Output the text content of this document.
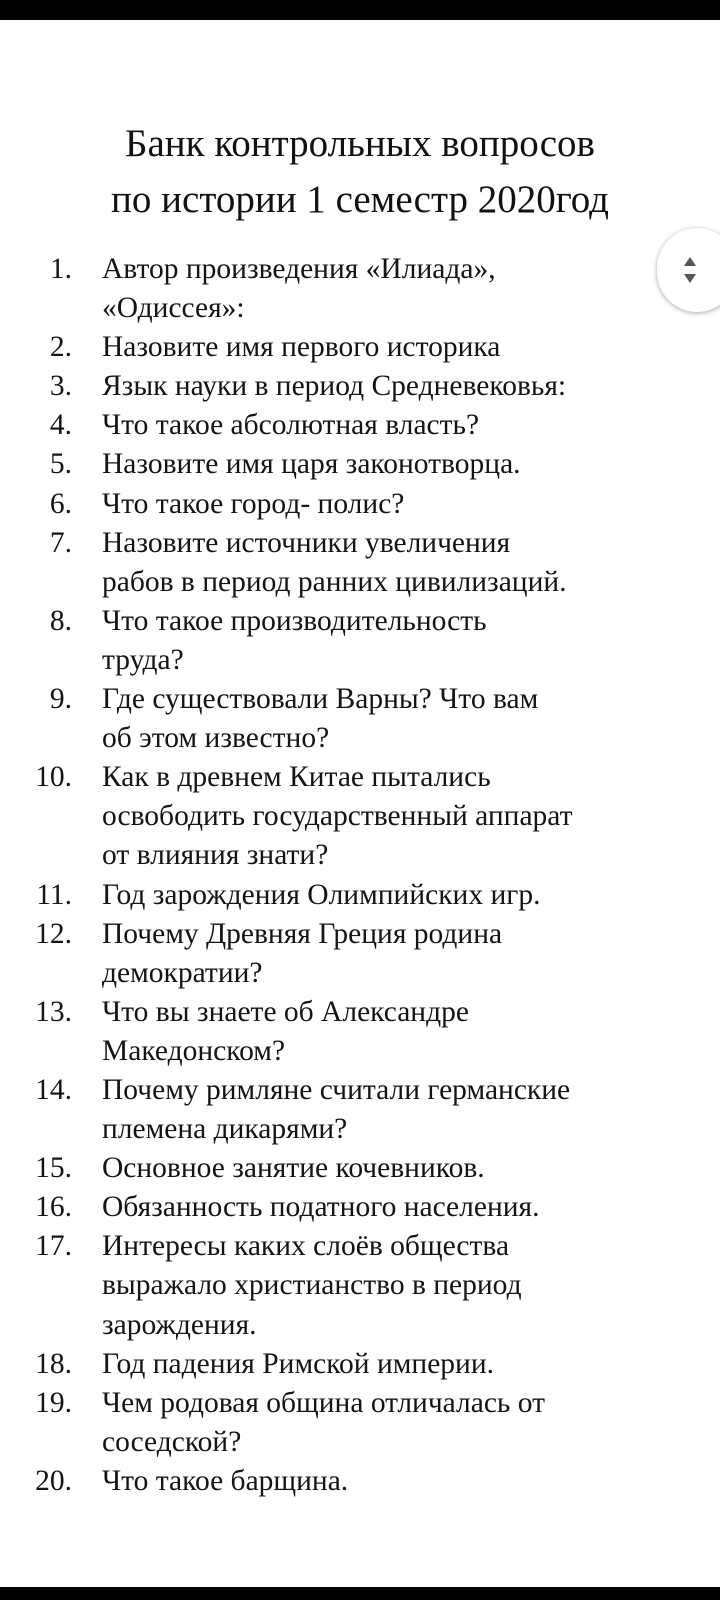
Банк контрольных вопросов
по истории 1 семестр 2020год
1. Автор произведения «Илиада»,
«Одиссея»:
2. Назовите имя первого историка
3. Язык науки в период Средневековья:
4. Что такое абсолютная власть?
5. Назовите имя царя законотворца.
6. Что такое город- полис?
7. Назовите источники увеличения
рабов в период ранних цивилизаций.
8. Что такое производительность
труда?
9. Где существовали Варны? Что вам
об этом известно?
10. Как в древнем Китае пытались
освободить государственный аппарат
от влияния знати?
11. Год зарождения Олимпийских игр.
12. Почему Древняя Греция родина
демократии?
13. Что вы знаете об Александре
Македонском?
14. Почему римляне считали германские
племена дикарями?
15. Основное занятие кочевников.
16. Обязанность податного населения.
17. Интересы каких слоёв общества
выражало христианство в период
зарождения.
18. Год падения Римской империи.
19. Чем родовая община отличалась от
соседской?
20. Что такое барщина.
